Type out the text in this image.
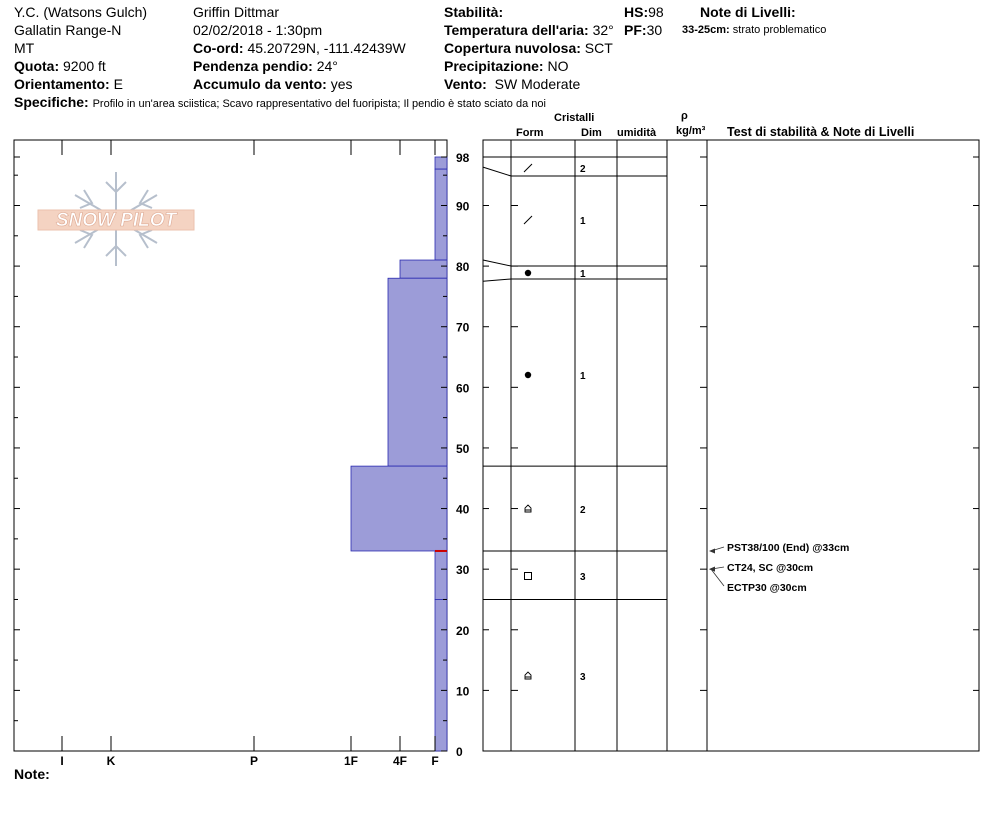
Y.C. (Watsons Gulch)
Gallatin Range-N
MT
Quota: 9200 ft
Orientamento: E
Griffin Dittmar
02/02/2018 - 1:30pm
Co-ord: 45.20729N, -111.42439W
Pendenza pendio: 24°
Accumulo da vento: yes
Stabilità:
Temperatura dell'aria: 32°
Copertura nuvolosa: SCT
Precipitazione: NO
Vento: SW Moderate
HS:98
PF:30
Note di Livelli:
33-25cm: strato problematico
Specifiche: Profilo in un'area sciistica; Scavo rappresentativo del fuoripista; Il pendio è stato sciato da noi
Cristalli
Form	Dim umidità
ρ
kg/m³ Test di stabilità & Note di Livelli
Note:
SNOW PILOT
I	K	P	1F	4F F
0
10
20
30
40
50
60
70
80
90
98
2
1
1
1
2
3
3
PST38/100 (End) @33cm
CT24, SC @30cm
ECTP30 @30cm
